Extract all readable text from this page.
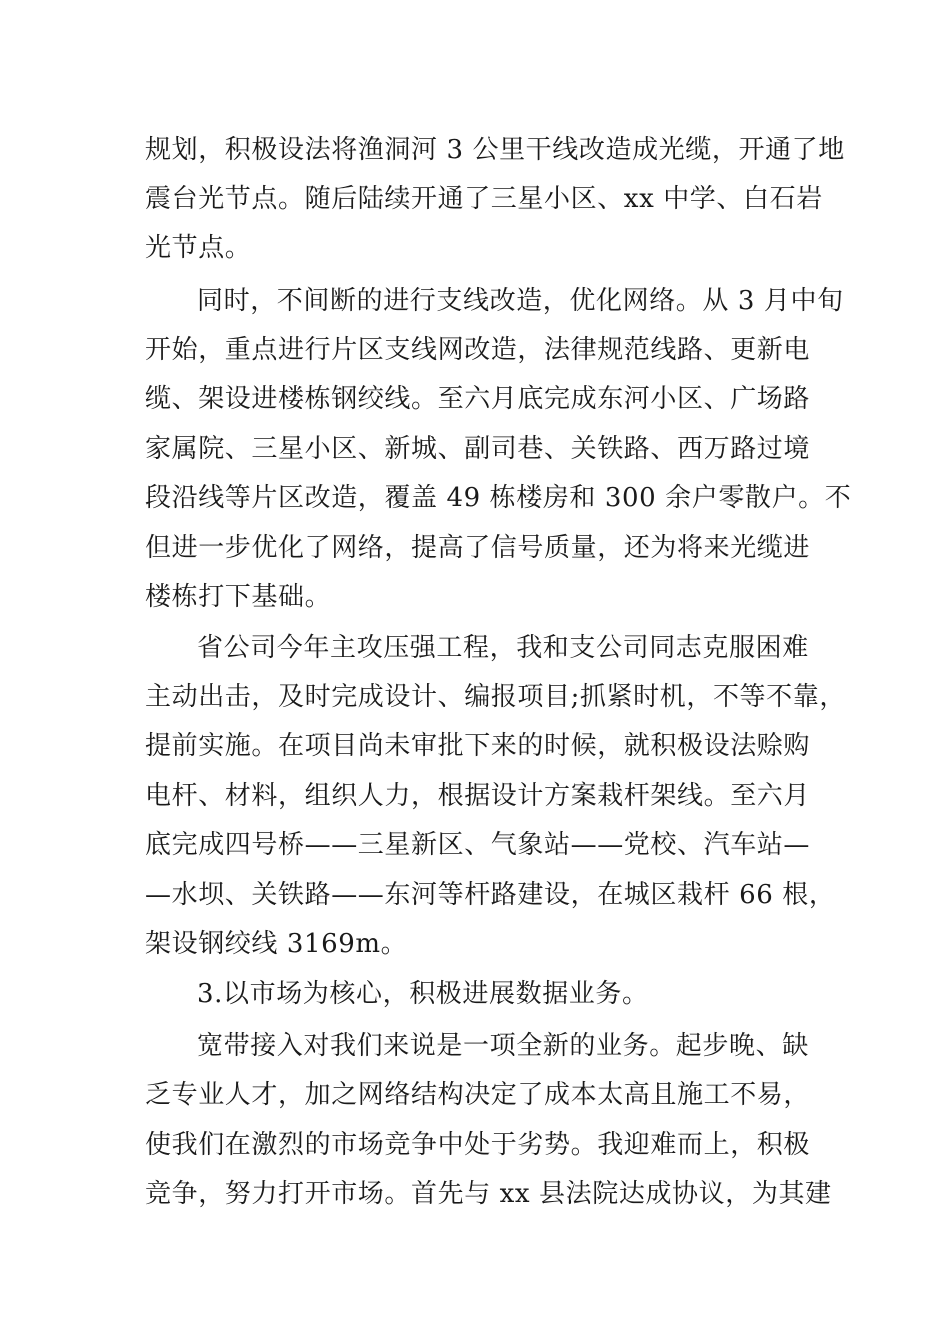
规划，积极设法将渔洞河 3 公里干线改造成光缆，开通了地
震台光节点。随后陆续开通了三星小区、xx 中学、白石岩
光节点。
同时，不间断的进行支线改造，优化网络。从 3 月中旬
开始，重点进行片区支线网改造，法律规范线路、更新电
缆、架设进楼栋钢绞线。至六月底完成东河小区、广场路
家属院、三星小区、新城、副司巷、关铁路、西万路过境
段沿线等片区改造，覆盖 49 栋楼房和 300 余户零散户。不
但进一步优化了网络，提高了信号质量，还为将来光缆进
楼栋打下基础。
省公司今年主攻压强工程，我和支公司同志克服困难
主动出击，及时完成设计、编报项目;抓紧时机，不等不靠，
提前实施。在项目尚未审批下来的时候，就积极设法赊购
电杆、材料，组织人力，根据设计方案栽杆架线。至六月
底完成四号桥——三星新区、气象站——党校、汽车站—
—水坝、关铁路——东河等杆路建设，在城区栽杆 66 根，
架设钢绞线 3169m。
3.以市场为核心，积极进展数据业务。
宽带接入对我们来说是一项全新的业务。起步晚、缺
乏专业人才，加之网络结构决定了成本太高且施工不易，
使我们在激烈的市场竞争中处于劣势。我迎难而上，积极
竞争，努力打开市场。首先与 xx 县法院达成协议，为其建
